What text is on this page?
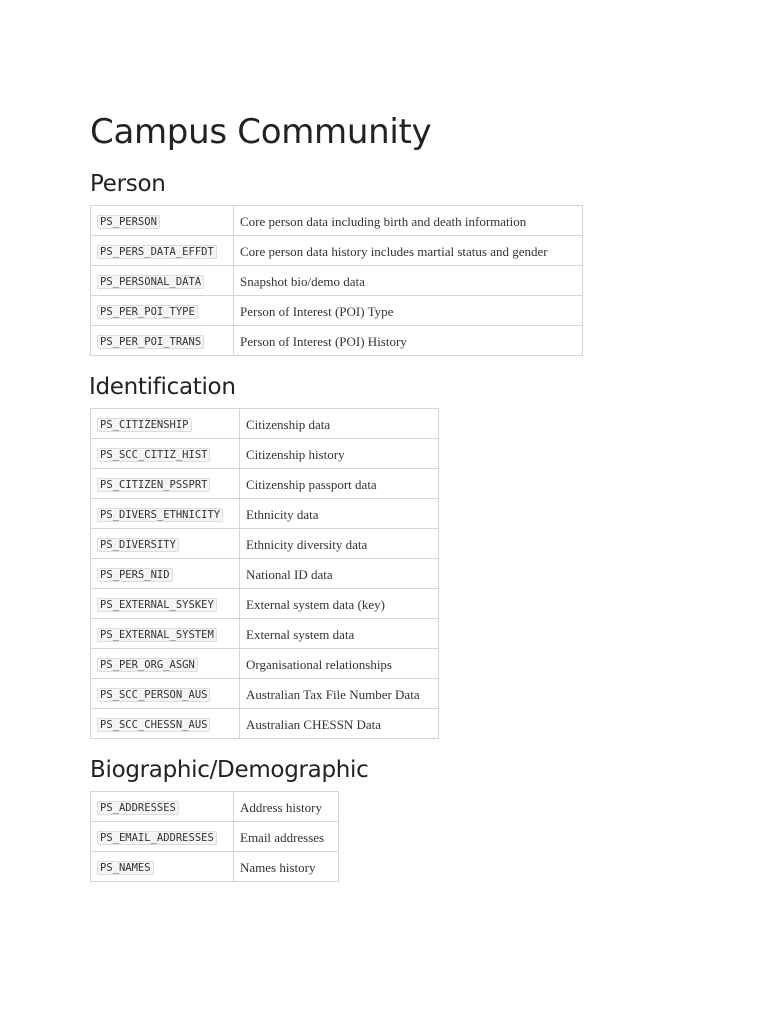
Campus Community
Person
PS_PERSON	Core person data including birth and death information
PS_PERS_DATA_EFFDT	Core person data history includes martial status and gender
PS_PERSONAL_DATA	Snapshot bio/demo data
PS_PER_POI_TYPE	Person of Interest (POI) Type
PS_PER_POI_TRANS	Person of Interest (POI) History
Identification
PS_CITIZENSHIP	Citizenship data
PS_SCC_CITIZ_HIST	Citizenship history
PS_CITIZEN_PSSPRT	Citizenship passport data
PS_DIVERS_ETHNICITY	Ethnicity data
PS_DIVERSITY	Ethnicity diversity data
PS_PERS_NID	National ID data
PS_EXTERNAL_SYSKEY	External system data (key)
PS_EXTERNAL_SYSTEM	External system data
PS_PER_ORG_ASGN	Organisational relationships
PS_SCC_PERSON_AUS	Australian Tax File Number Data
PS_SCC_CHESSN_AUS	Australian CHESSN Data
Biographic/Demographic
PS_ADDRESSES	Address history
PS_EMAIL_ADDRESSES	Email addresses
PS_NAMES	Names history
